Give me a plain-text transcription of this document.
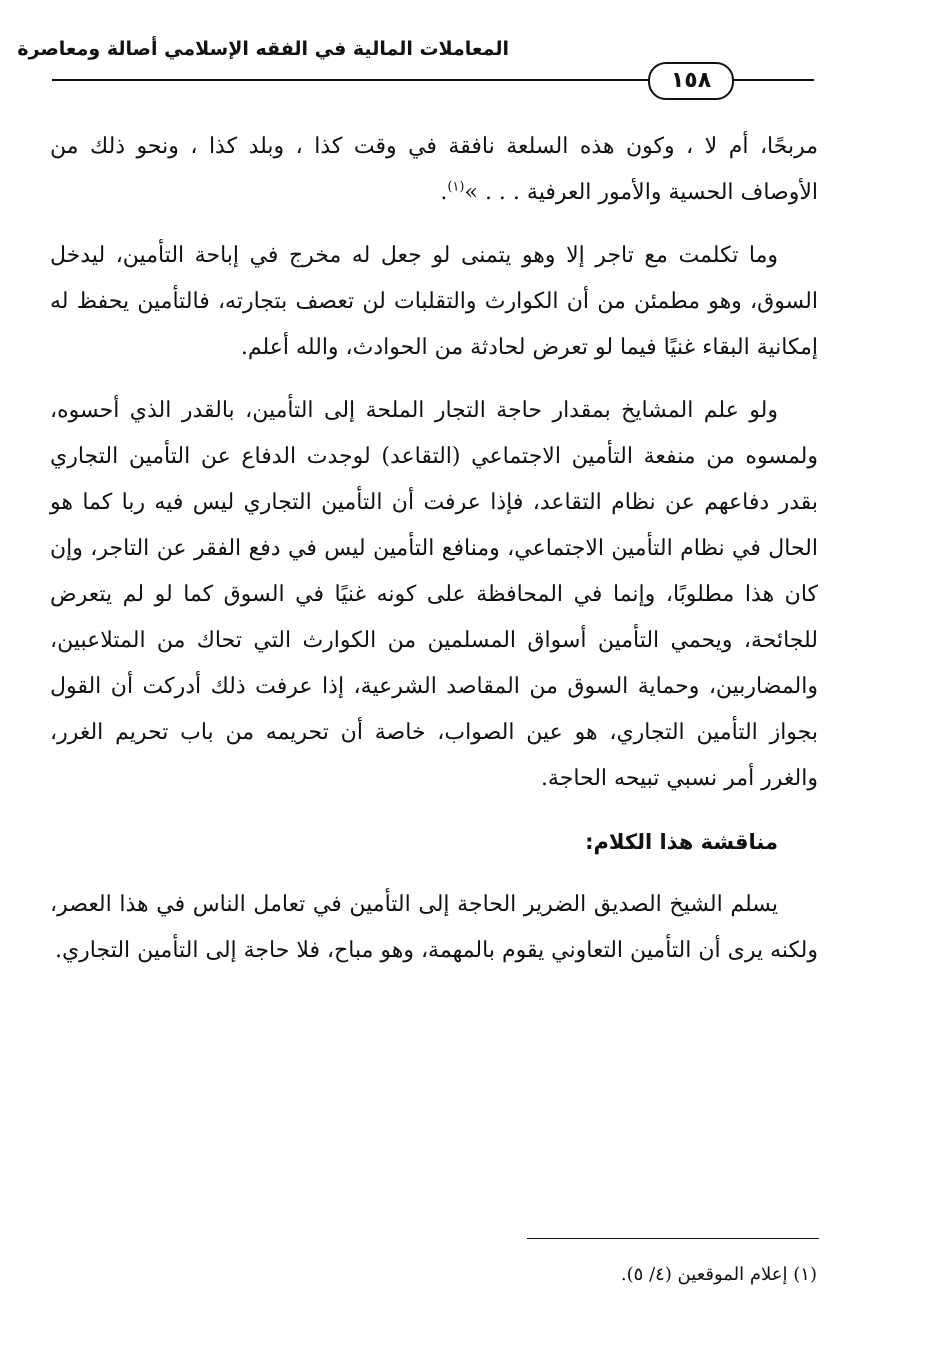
المعاملات المالية في الفقه الإسلامي أصالة ومعاصرة
١٥٨

مربحًا، أم لا ، وكون هذه السلعة نافقة في وقت كذا ، وبلد كذا ، ونحو ذلك من الأوصاف الحسية والأمور العرفية . . . »$^{(١)}$.

وما تكلمت مع تاجر إلا وهو يتمنى لو جعل له مخرج في إباحة التأمين، ليدخل السوق، وهو مطمئن من أن الكوارث والتقلبات لن تعصف بتجارته، فالتأمين يحفظ له إمكانية البقاء غنيًا فيما لو تعرض لحادثة من الحوادث، والله أعلم.

ولو علم المشايخ بمقدار حاجة التجار الملحة إلى التأمين، بالقدر الذي أحسوه، ولمسوه من منفعة التأمين الاجتماعي (التقاعد) لوجدت الدفاع عن التأمين التجاري بقدر دفاعهم عن نظام التقاعد، فإذا عرفت أن التأمين التجاري ليس فيه ربا كما هو الحال في نظام التأمين الاجتماعي، ومنافع التأمين ليس في دفع الفقر عن التاجر، وإن كان هذا مطلوبًا، وإنما في المحافظة على كونه غنيًا في السوق كما لو لم يتعرض للجائحة، ويحمي التأمين أسواق المسلمين من الكوارث التي تحاك من المتلاعبين، والمضاربين، وحماية السوق من المقاصد الشرعية، إذا عرفت ذلك أدركت أن القول بجواز التأمين التجاري، هو عين الصواب، خاصة أن تحريمه من باب تحريم الغرر، والغرر أمر نسبي تبيحه الحاجة.

مناقشة هذا الكلام:

يسلم الشيخ الصديق الضرير الحاجة إلى التأمين في تعامل الناس في هذا العصر، ولكنه يرى أن التأمين التعاوني يقوم بالمهمة، وهو مباح، فلا حاجة إلى التأمين التجاري.

(١) إعلام الموقعين (٤/ ٥).
